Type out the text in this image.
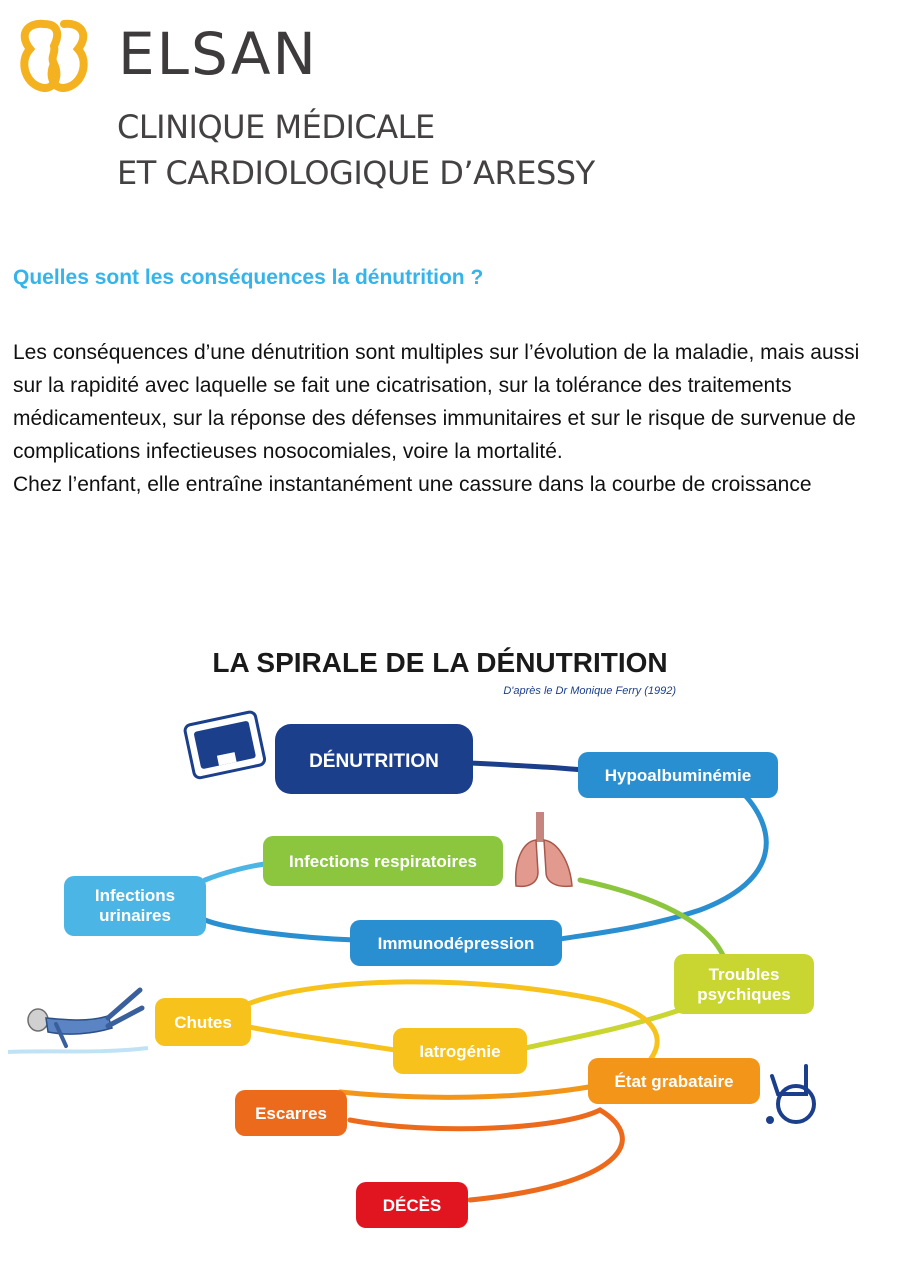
ELSAN
CLINIQUE MÉDICALE
ET CARDIOLOGIQUE D’ARESSY
Quelles sont les conséquences la dénutrition ?

Les conséquences d’une dénutrition sont multiples sur l’évolution de la maladie, mais aussi sur la rapidité avec laquelle se fait une cicatrisation, sur la tolérance des traitements médicamenteux, sur la réponse des défenses immunitaires et sur le risque de survenue de complications infectieuses nosocomiales, voire la mortalité.

Chez l’enfant, elle entraîne instantanément une cassure dans la courbe de croissance

LA SPIRALE DE LA DÉNUTRITION
D'après le Dr Monique Ferry (1992)
DÉNUTRITION
Hypoalbuminémie
Infections respiratoires
Infections
urinaires
Immunodépression
Troubles
psychiques
Chutes
Iatrogénie
État grabataire
Escarres
DÉCÈS
